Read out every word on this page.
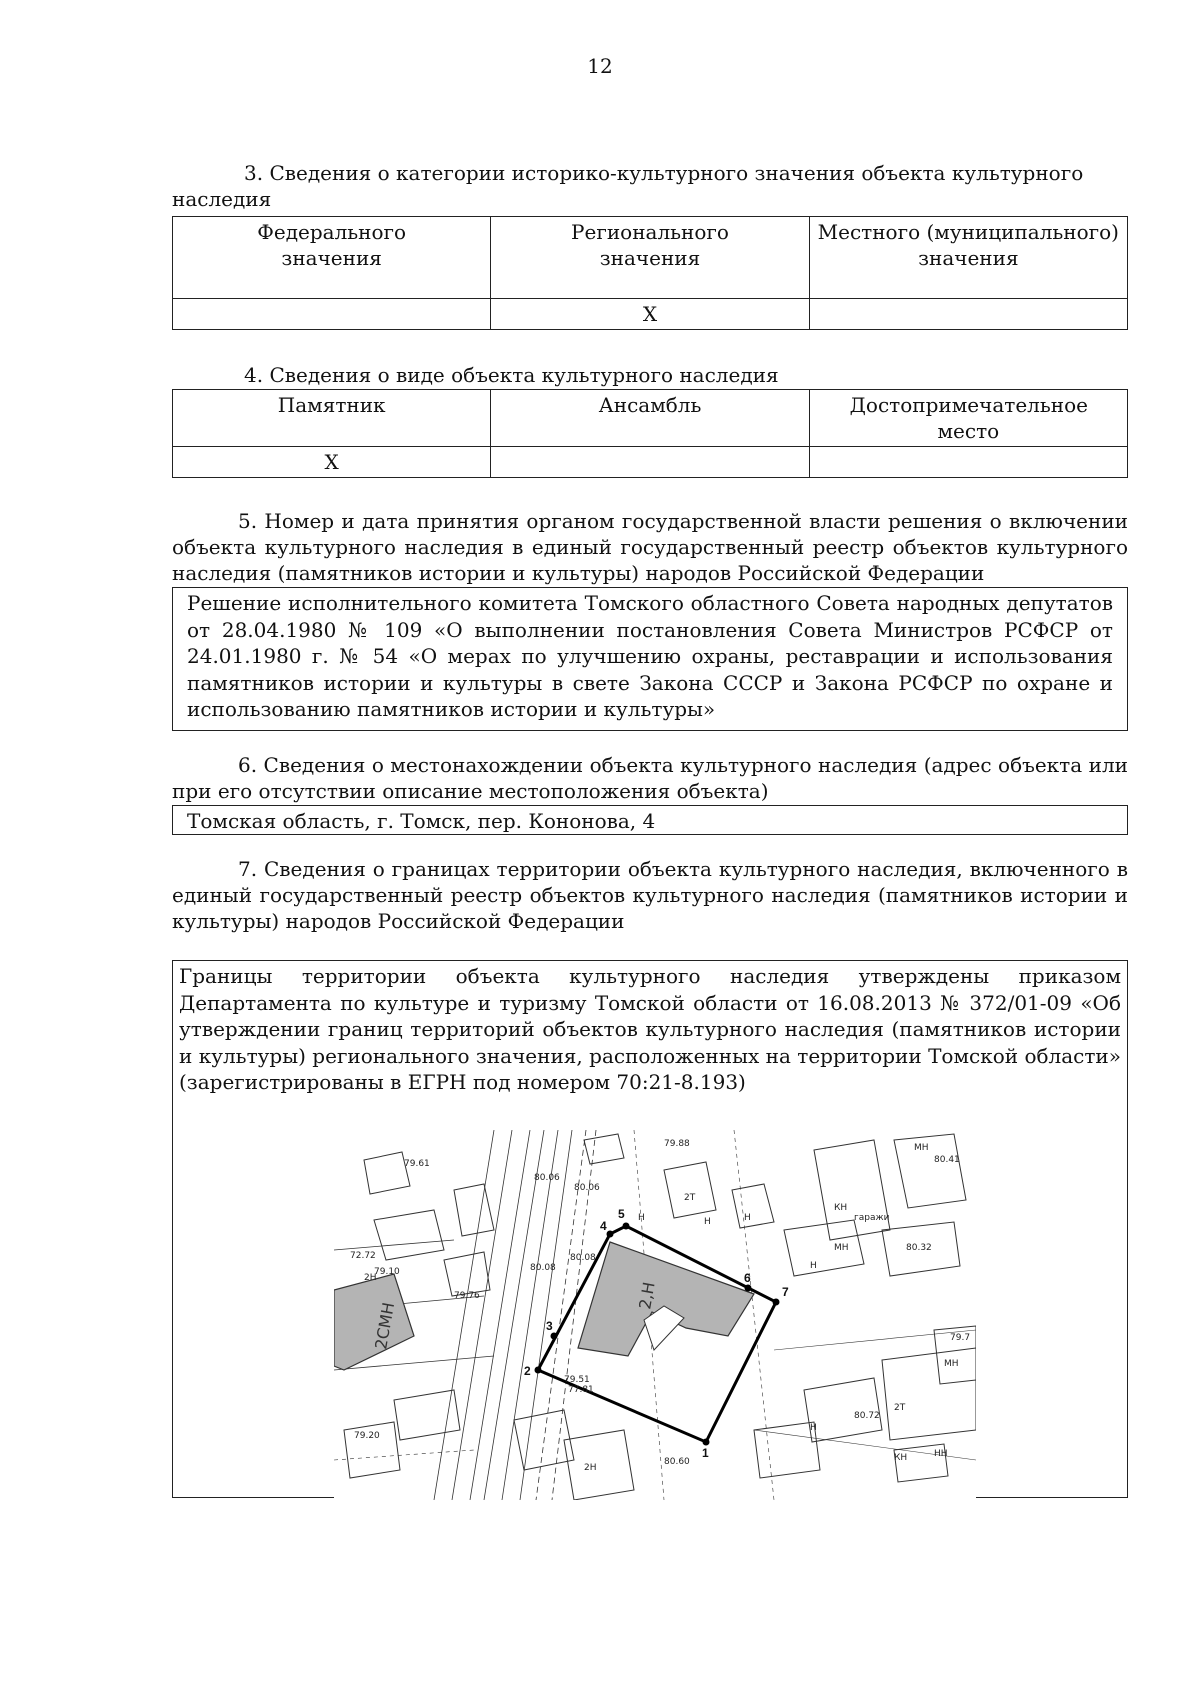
12
3. Сведения о категории историко-культурного значения объекта культурного наследия
Федерального значения	Регионального значения	Местного (муниципального) значения
	Х	
4. Сведения о виде объекта культурного наследия
Памятник	Ансамбль	Достопримечательное место
Х		
5. Номер и дата принятия органом государственной власти решения о включении объекта культурного наследия в единый государственный реестр объектов культурного наследия (памятников истории и культуры) народов Российской Федерации
Решение исполнительного комитета Томского областного Совета народных депутатов от 28.04.1980 № 109 «О выполнении постановления Совета Министров РСФСР от 24.01.1980 г. № 54 «О мерах по улучшению охраны, реставрации и использования памятников истории и культуры в свете Закона СССР и Закона РСФСР по охране и использованию памятников истории и культуры»
6. Сведения о местонахождении объекта культурного наследия (адрес объекта или при его отсутствии описание местоположения объекта)
Томская область, г. Томск, пер. Кононова, 4
7. Сведения о границах территории объекта культурного наследия, включенного в единый государственный реестр объектов культурного наследия (памятников истории и культуры) народов Российской Федерации
Границы территории объекта культурного наследия утверждены приказом Департамента по культуре и туризму Томской области от 16.08.2013 № 372/01-09 «Об утверждении границ территорий объектов культурного наследия (памятников истории и культуры) регионального значения, расположенных на территории Томской области» (зарегистрированы в ЕГРН под номером 70:21-8.193)
1
2
3
4
5
6
7
2,Н
2СМН
79.61
2Т
Н	Н
2Н
Н
КН
гаражи
МН
80.41
80.32
МН
Н
79.7
МН
Н
2Т
80.72
КН	НН
80.60
2Н
79.76
79.10
72.72
79.20
80.06
80.08
80.08
79.51
77.81
80.06
79.88
